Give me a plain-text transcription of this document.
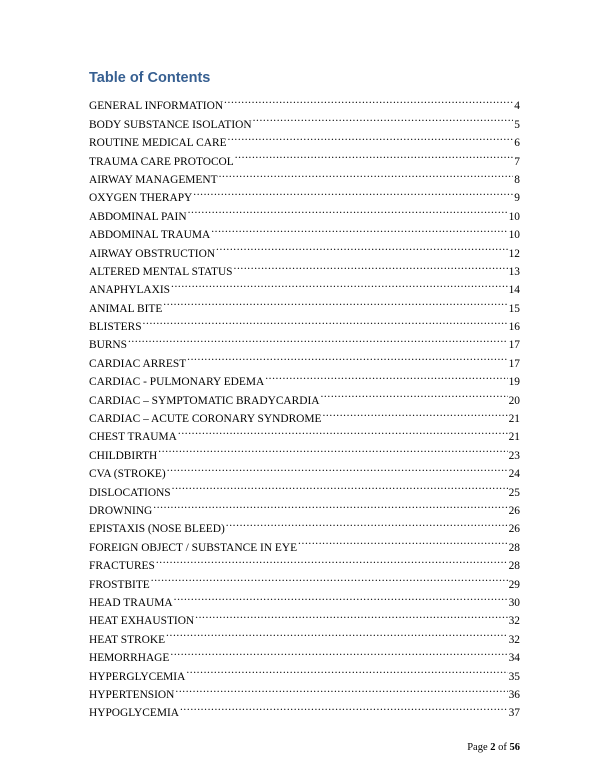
Table of Contents
GENERAL INFORMATION .....	4
BODY SUBSTANCE ISOLATION .....	5
ROUTINE MEDICAL CARE .....	6
TRAUMA CARE PROTOCOL .....	7
AIRWAY MANAGEMENT .....	8
OXYGEN THERAPY .....	9
ABDOMINAL PAIN .....	10
ABDOMINAL TRAUMA .....	10
AIRWAY OBSTRUCTION .....	12
ALTERED MENTAL STATUS .....	13
ANAPHYLAXIS .....	14
ANIMAL BITE .....	15
BLISTERS .....	16
BURNS .....	17
CARDIAC ARREST .....	17
CARDIAC - PULMONARY EDEMA .....	19
CARDIAC – SYMPTOMATIC BRADYCARDIA .....	20
CARDIAC – ACUTE CORONARY SYNDROME .....	21
CHEST TRAUMA .....	21
CHILDBIRTH .....	23
CVA (STROKE) .....	24
DISLOCATIONS .....	25
DROWNING .....	26
EPISTAXIS (NOSE BLEED) .....	26
FOREIGN OBJECT / SUBSTANCE IN EYE .....	28
FRACTURES .....	28
FROSTBITE .....	29
HEAD TRAUMA .....	30
HEAT EXHAUSTION .....	32
HEAT STROKE .....	32
HEMORRHAGE .....	34
HYPERGLYCEMIA .....	35
HYPERTENSION .....	36
HYPOGLYCEMIA .....	37
Page 2 of 56
